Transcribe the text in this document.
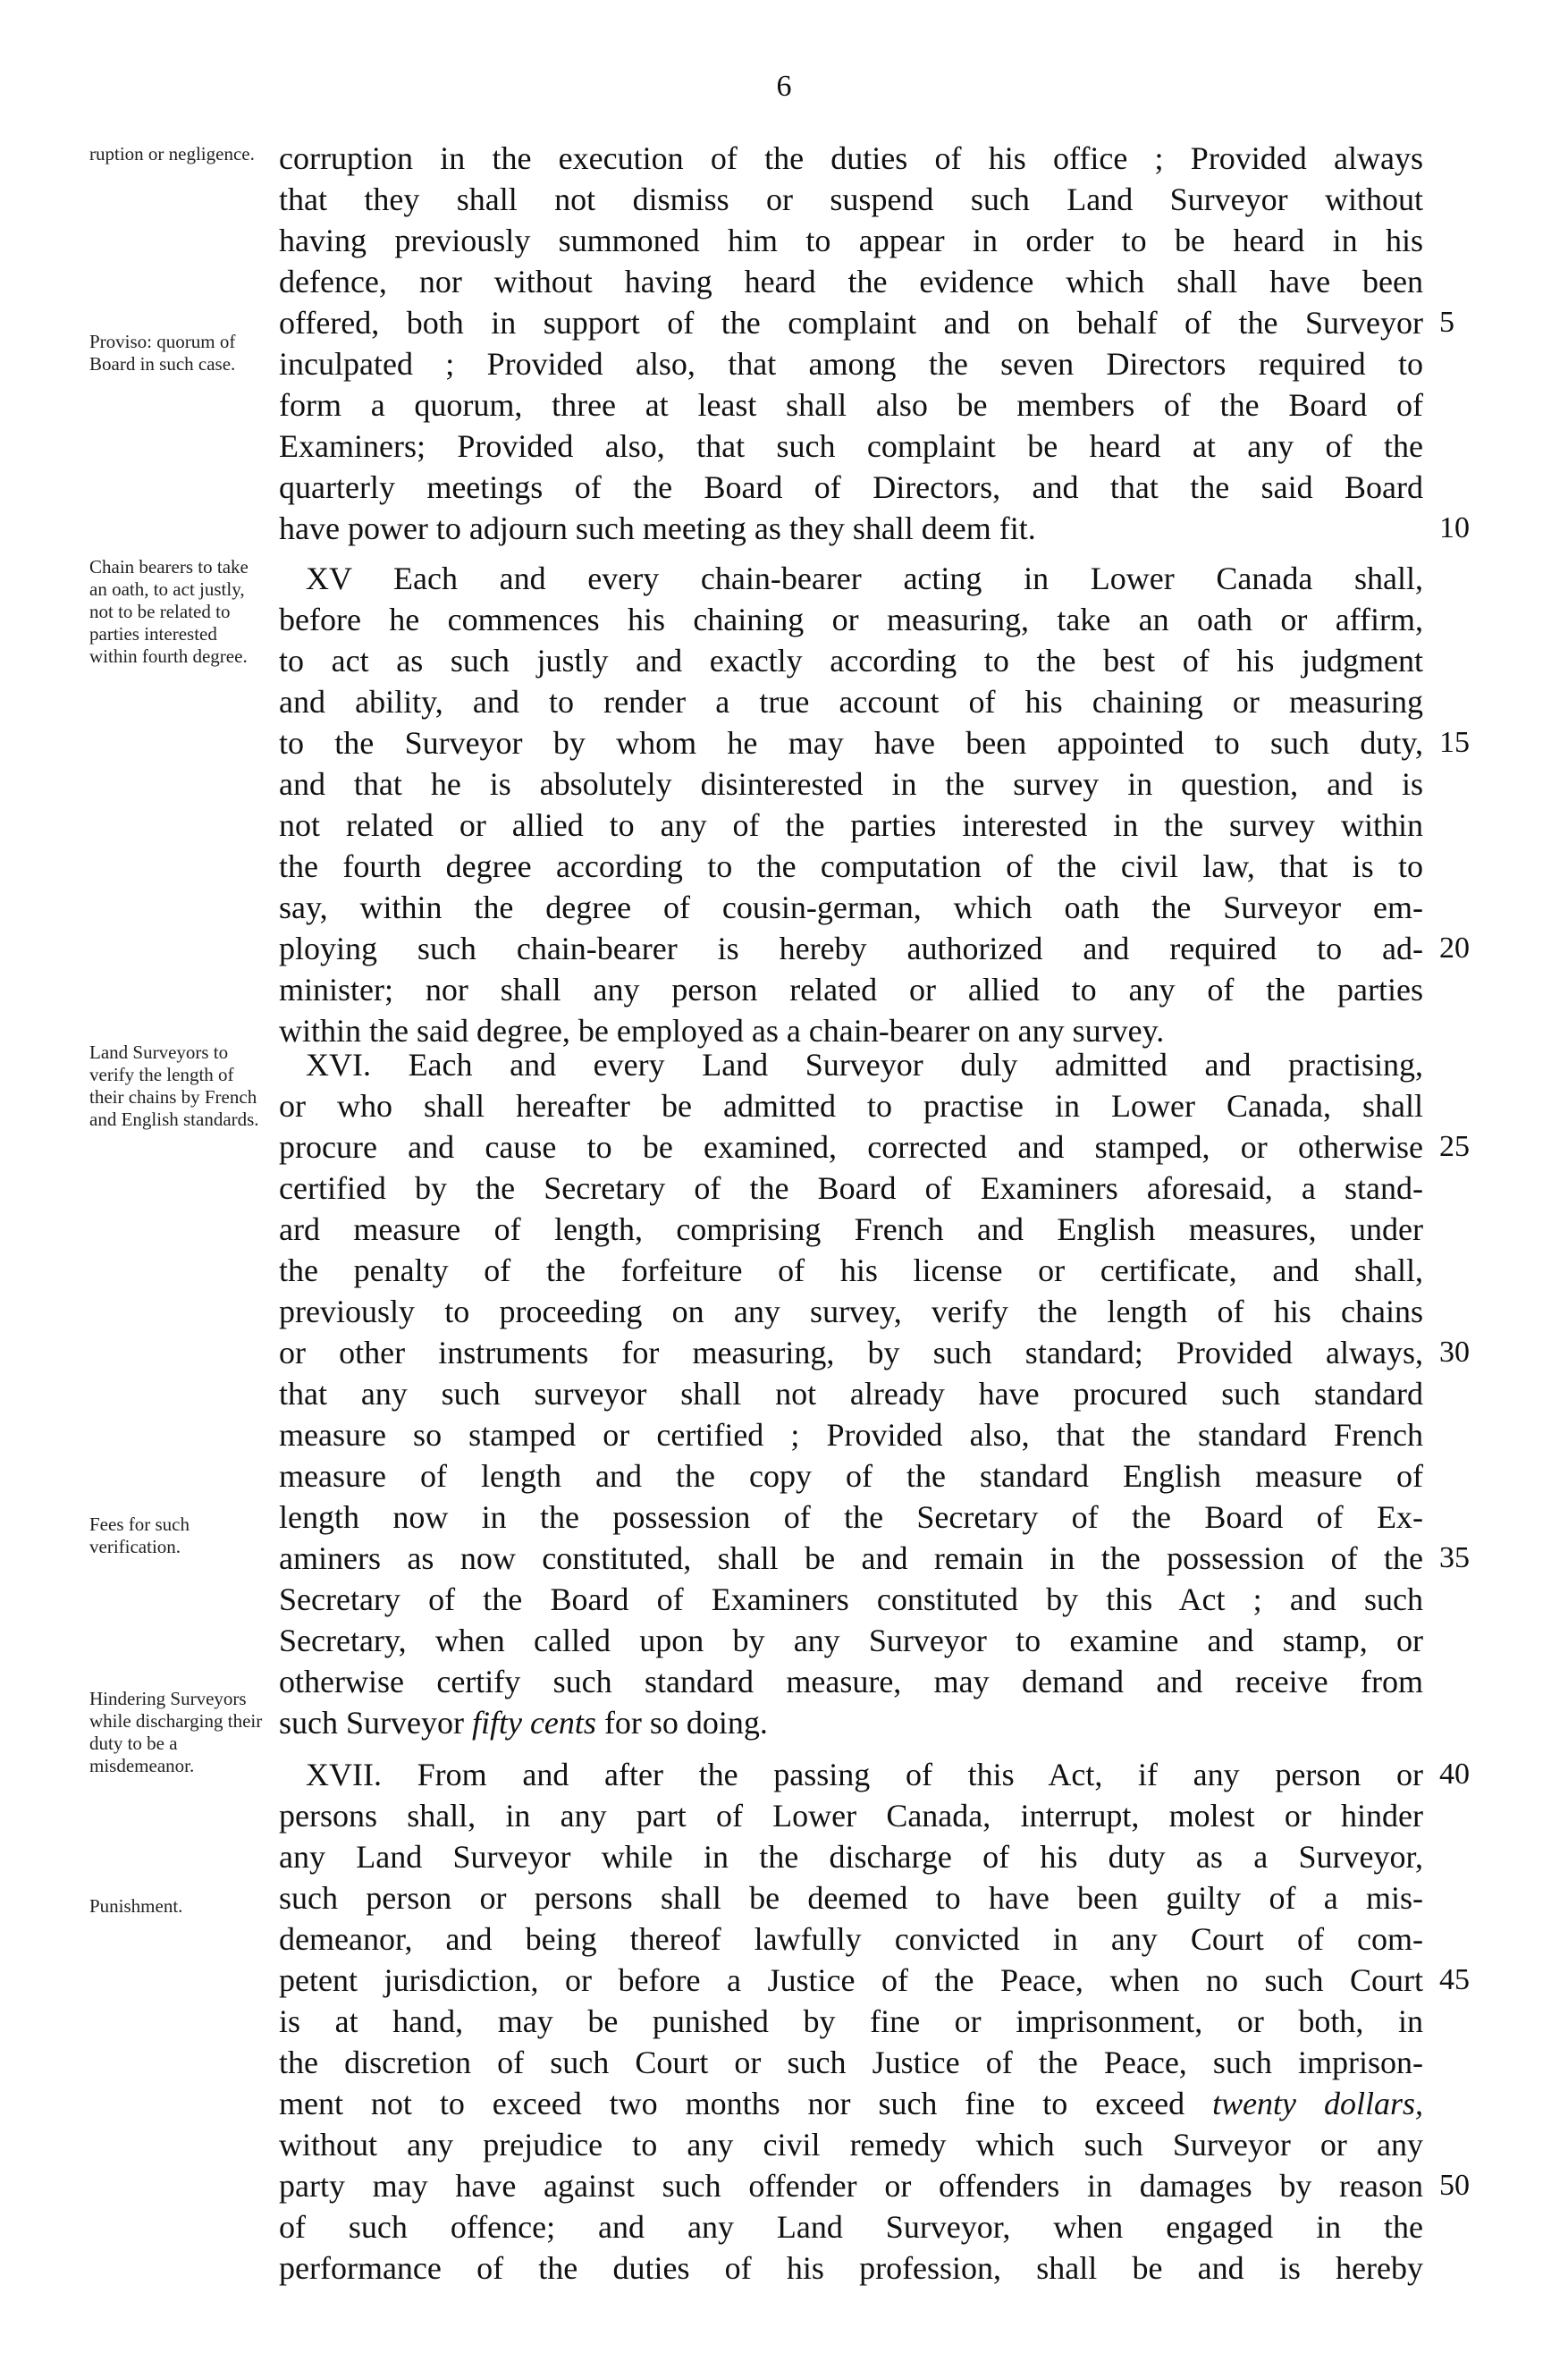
6
ruption or negligence.
Proviso: quorum of Board in such case.
Chain bearers to take an oath, to act justly, not to be related to parties interested within fourth degree.
Land Surveyors to verify the length of their chains by French and English standards.
Fees for such verification.
Hindering Surveyors while discharging their duty to be a misdemeanor.
Punishment.
corruption in the execution of the duties of his office ; Provided always
that they shall not dismiss or suspend such Land Surveyor without
having previously summoned him to appear in order to be heard in his
defence, nor without having heard the evidence which shall have been
offered, both in support of the complaint and on behalf of the Surveyor
inculpated ; Provided also, that among the seven Directors required to
form a quorum, three at least shall also be members of the Board of
Examiners; Provided also, that such complaint be heard at any of the
quarterly meetings of the Board of Directors, and that the said Board
have power to adjourn such meeting as they shall deem fit.
XV Each and every chain-bearer acting in Lower Canada shall,
before he commences his chaining or measuring, take an oath or affirm,
to act as such justly and exactly according to the best of his judgment
and ability, and to render a true account of his chaining or measuring
to the Surveyor by whom he may have been appointed to such duty,
and that he is absolutely disinterested in the survey in question, and is
not related or allied to any of the parties interested in the survey within
the fourth degree according to the computation of the civil law, that is to
say, within the degree of cousin-german, which oath the Surveyor em-
ploying such chain-bearer is hereby authorized and required to ad-
minister; nor shall any person related or allied to any of the parties
within the said degree, be employed as a chain-bearer on any survey.
XVI. Each and every Land Surveyor duly admitted and practising,
or who shall hereafter be admitted to practise in Lower Canada, shall
procure and cause to be examined, corrected and stamped, or otherwise
certified by the Secretary of the Board of Examiners aforesaid, a stand-
ard measure of length, comprising French and English measures, under
the penalty of the forfeiture of his license or certificate, and shall,
previously to proceeding on any survey, verify the length of his chains
or other instruments for measuring, by such standard; Provided always,
that any such surveyor shall not already have procured such standard
measure so stamped or certified ; Provided also, that the standard French
measure of length and the copy of the standard English measure of
length now in the possession of the Secretary of the Board of Ex-
aminers as now constituted, shall be and remain in the possession of the
Secretary of the Board of Examiners constituted by this Act ; and such
Secretary, when called upon by any Surveyor to examine and stamp, or
otherwise certify such standard measure, may demand and receive from
such Surveyor fifty cents for so doing.
XVII. From and after the passing of this Act, if any person or
persons shall, in any part of Lower Canada, interrupt, molest or hinder
any Land Surveyor while in the discharge of his duty as a Surveyor,
such person or persons shall be deemed to have been guilty of a mis-
demeanor, and being thereof lawfully convicted in any Court of com-
petent jurisdiction, or before a Justice of the Peace, when no such Court
is at hand, may be punished by fine or imprisonment, or both, in
the discretion of such Court or such Justice of the Peace, such imprison-
ment not to exceed two months nor such fine to exceed twenty dollars,
without any prejudice to any civil remedy which such Surveyor or any
party may have against such offender or offenders in damages by reason
of such offence; and any Land Surveyor, when engaged in the
performance of the duties of his profession, shall be and is hereby
5
10
15
20
25
30
35
40
45
50
